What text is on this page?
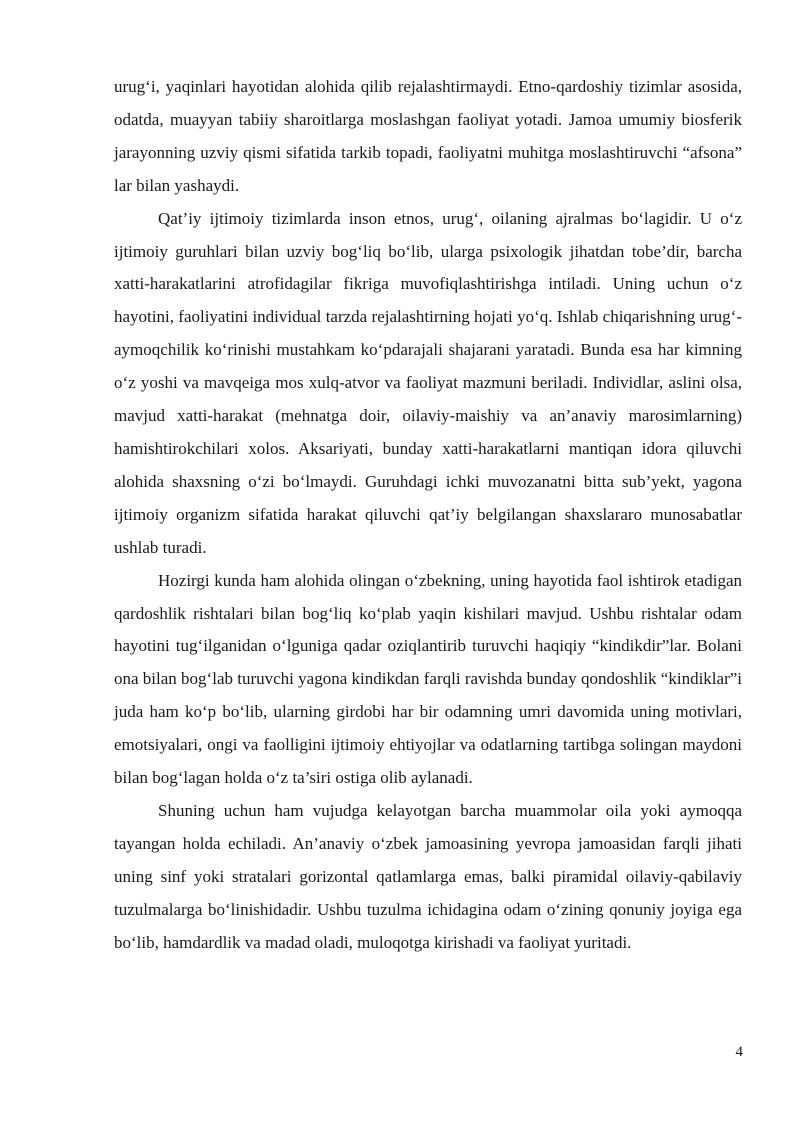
urug‘i, yaqinlari hayotidan alohida qilib rejalashtirmaydi. Etno-qardoshiy tizimlar asosida, odatda, muayyan tabiiy sharoitlarga moslashgan faoliyat yotadi. Jamoa umumiy biosferik jarayonning uzviy qismi sifatida tarkib topadi, faoliyatni muhitga moslashtiruvchi “afsona” lar bilan yashaydi.

Qat’iy ijtimoiy tizimlarda inson etnos, urug‘, oilaning ajralmas bo‘lagidir. U o‘z ijtimoiy guruhlari bilan uzviy bog‘liq bo‘lib, ularga psixologik jihatdan tobe’dir, barcha xatti-harakatlarini atrofidagilar fikriga muvofiqlashtirishga intiladi. Uning uchun o‘z hayotini, faoliyatini individual tarzda rejalashtirning hojati yo‘q. Ishlab chiqarishning urug‘-aymoqchilik ko‘rinishi mustahkam ko‘pdarajali shajarani yaratadi. Bunda esa har kimning o‘z yoshi va mavqeiga mos xulq-atvor va faoliyat mazmuni beriladi. Individlar, aslini olsa, mavjud xatti-harakat (mehnatga doir, oilaviy-maishiy va an’anaviy marosimlarning) hamishtirokchilari xolos. Aksariyati, bunday xatti-harakatlarni mantiqan idora qiluvchi alohida shaxsning o‘zi bo‘lmaydi. Guruhdagi ichki muvozanatni bitta sub’yekt, yagona ijtimoiy organizm sifatida harakat qiluvchi qat’iy belgilangan shaxslararo munosabatlar ushlab turadi.

Hozirgi kunda ham alohida olingan o‘zbekning, uning hayotida faol ishtirok etadigan qardoshlik rishtalari bilan bog‘liq ko‘plab yaqin kishilari mavjud. Ushbu rishtalar odam hayotini tug‘ilganidan o‘lguniga qadar oziqlantirib turuvchi haqiqiy “kindikdir”lar. Bolani ona bilan bog‘lab turuvchi yagona kindikdan farqli ravishda bunday qondoshlik “kindiklar”i juda ham ko‘p bo‘lib, ularning girdobi har bir odamning umri davomida uning motivlari, emotsiyalari, ongi va faolligini ijtimoiy ehtiyojlar va odatlarning tartibga solingan maydoni bilan bog‘lagan holda o‘z ta’siri ostiga olib aylanadi.

Shuning uchun ham vujudga kelayotgan barcha muammolar oila yoki aymoqqa tayangan holda echiladi. An’anaviy o‘zbek jamoasining yevropa jamoasidan farqli jihati uning sinf yoki stratalari gorizontal qatlamlarga emas, balki piramidal oilaviy-qabilaviy tuzulmalarga bo‘linishidadir. Ushbu tuzulma ichidagina odam o‘zining qonuniy joyiga ega bo‘lib, hamdardlik va madad oladi, muloqotga kirishadi va faoliyat yuritadi.

4
